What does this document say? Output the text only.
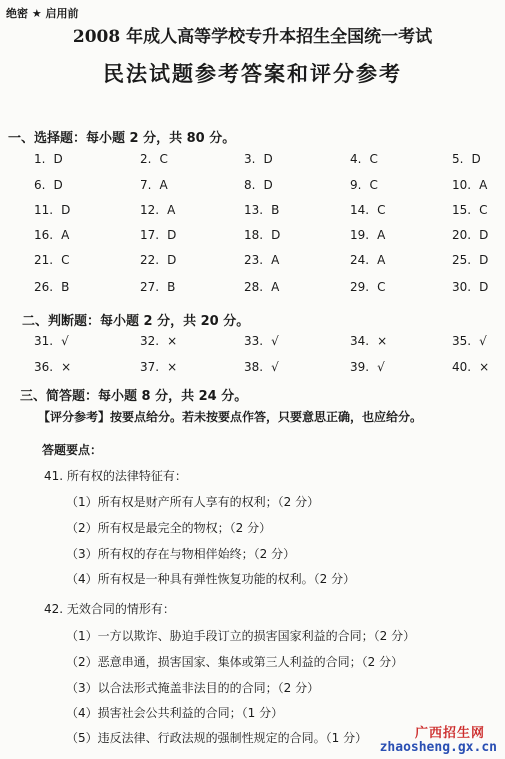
绝密 ★ 启用前
2008 年成人高等学校专升本招生全国统一考试
民法试题参考答案和评分参考
一、选择题：每小题 2 分，共 80 分。
1. D	2. C	3. D	4. C	5. D
6. D	7. A	8. D	9. C	10. A
11. D	12. A	13. B	14. C	15. C
16. A	17. D	18. D	19. A	20. D
21. C	22. D	23. A	24. A	25. D
26. B	27. B	28. A	29. C	30. D
二、判断题：每小题 2 分，共 20 分。
31. √	32. ×	33. √	34. ×	35. √
36. ×	37. ×	38. √	39. √	40. ×
三、简答题：每小题 8 分，共 24 分。
【评分参考】按要点给分。若未按要点作答，只要意思正确，也应给分。
答题要点：
41. 所有权的法律特征有：
（1）所有权是财产所有人享有的权利；（2 分）
（2）所有权是最完全的物权；（2 分）
（3）所有权的存在与物相伴始终；（2 分）
（4）所有权是一种具有弹性恢复功能的权利。（2 分）
42. 无效合同的情形有：
（1）一方以欺诈、胁迫手段订立的损害国家利益的合同；（2 分）
（2）恶意串通，损害国家、集体或第三人利益的合同；（2 分）
（3）以合法形式掩盖非法目的的合同；（2 分）
（4）损害社会公共利益的合同；（1 分）
（5）违反法律、行政法规的强制性规定的合同。（1 分）	广西招生网
zhaosheng.gx.cn
